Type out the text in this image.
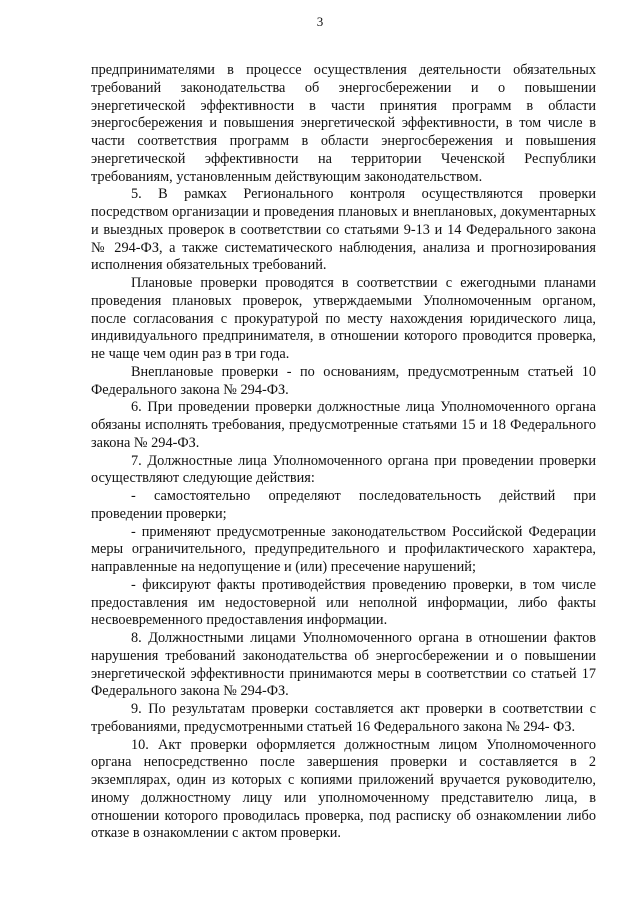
3

предпринимателями в процессе осуществления деятельности обязательных требований законодательства об энергосбережении и о повышении энергетической эффективности в части принятия программ в области энергосбережения и повышения энергетической эффективности, в том числе в части соответствия программ в области энергосбережения и повышения энергетической эффективности на территории Чеченской Республики требованиям, установленным действующим законодательством.

5. В рамках Регионального контроля осуществляются проверки посредством организации и проведения плановых и внеплановых, документарных и выездных проверок в соответствии со статьями 9-13 и 14 Федерального закона № 294-ФЗ, а также систематического наблюдения, анализа и прогнозирования исполнения обязательных требований.

Плановые проверки проводятся в соответствии с ежегодными планами проведения плановых проверок, утверждаемыми Уполномоченным органом, после согласования с прокуратурой по месту нахождения юридического лица, индивидуального предпринимателя, в отношении которого проводится проверка, не чаще чем один раз в три года.

Внеплановые проверки - по основаниям, предусмотренным статьей 10 Федерального закона № 294-ФЗ.

6. При проведении проверки должностные лица Уполномоченного органа обязаны исполнять требования, предусмотренные статьями 15 и 18 Федерального закона № 294-ФЗ.

7. Должностные лица Уполномоченного органа при проведении проверки осуществляют следующие действия:

- самостоятельно определяют последовательность действий при проведении проверки;

- применяют предусмотренные законодательством Российской Федерации меры ограничительного, предупредительного и профилактического характера, направленные на недопущение и (или) пресечение нарушений;

- фиксируют факты противодействия проведению проверки, в том числе предоставления им недостоверной или неполной информации, либо факты несвоевременного предоставления информации.

8. Должностными лицами Уполномоченного органа в отношении фактов нарушения требований законодательства об энергосбережении и о повышении энергетической эффективности принимаются меры в соответствии со статьей 17 Федерального закона № 294-ФЗ.

9. По результатам проверки составляется акт проверки в соответствии с требованиями, предусмотренными статьей 16 Федерального закона № 294- ФЗ.

10. Акт проверки оформляется должностным лицом Уполномоченного органа непосредственно после завершения проверки и составляется в 2 экземплярах, один из которых с копиями приложений вручается руководителю, иному должностному лицу или уполномоченному представителю лица, в отношении которого проводилась проверка, под расписку об ознакомлении либо отказе в ознакомлении с актом проверки.
